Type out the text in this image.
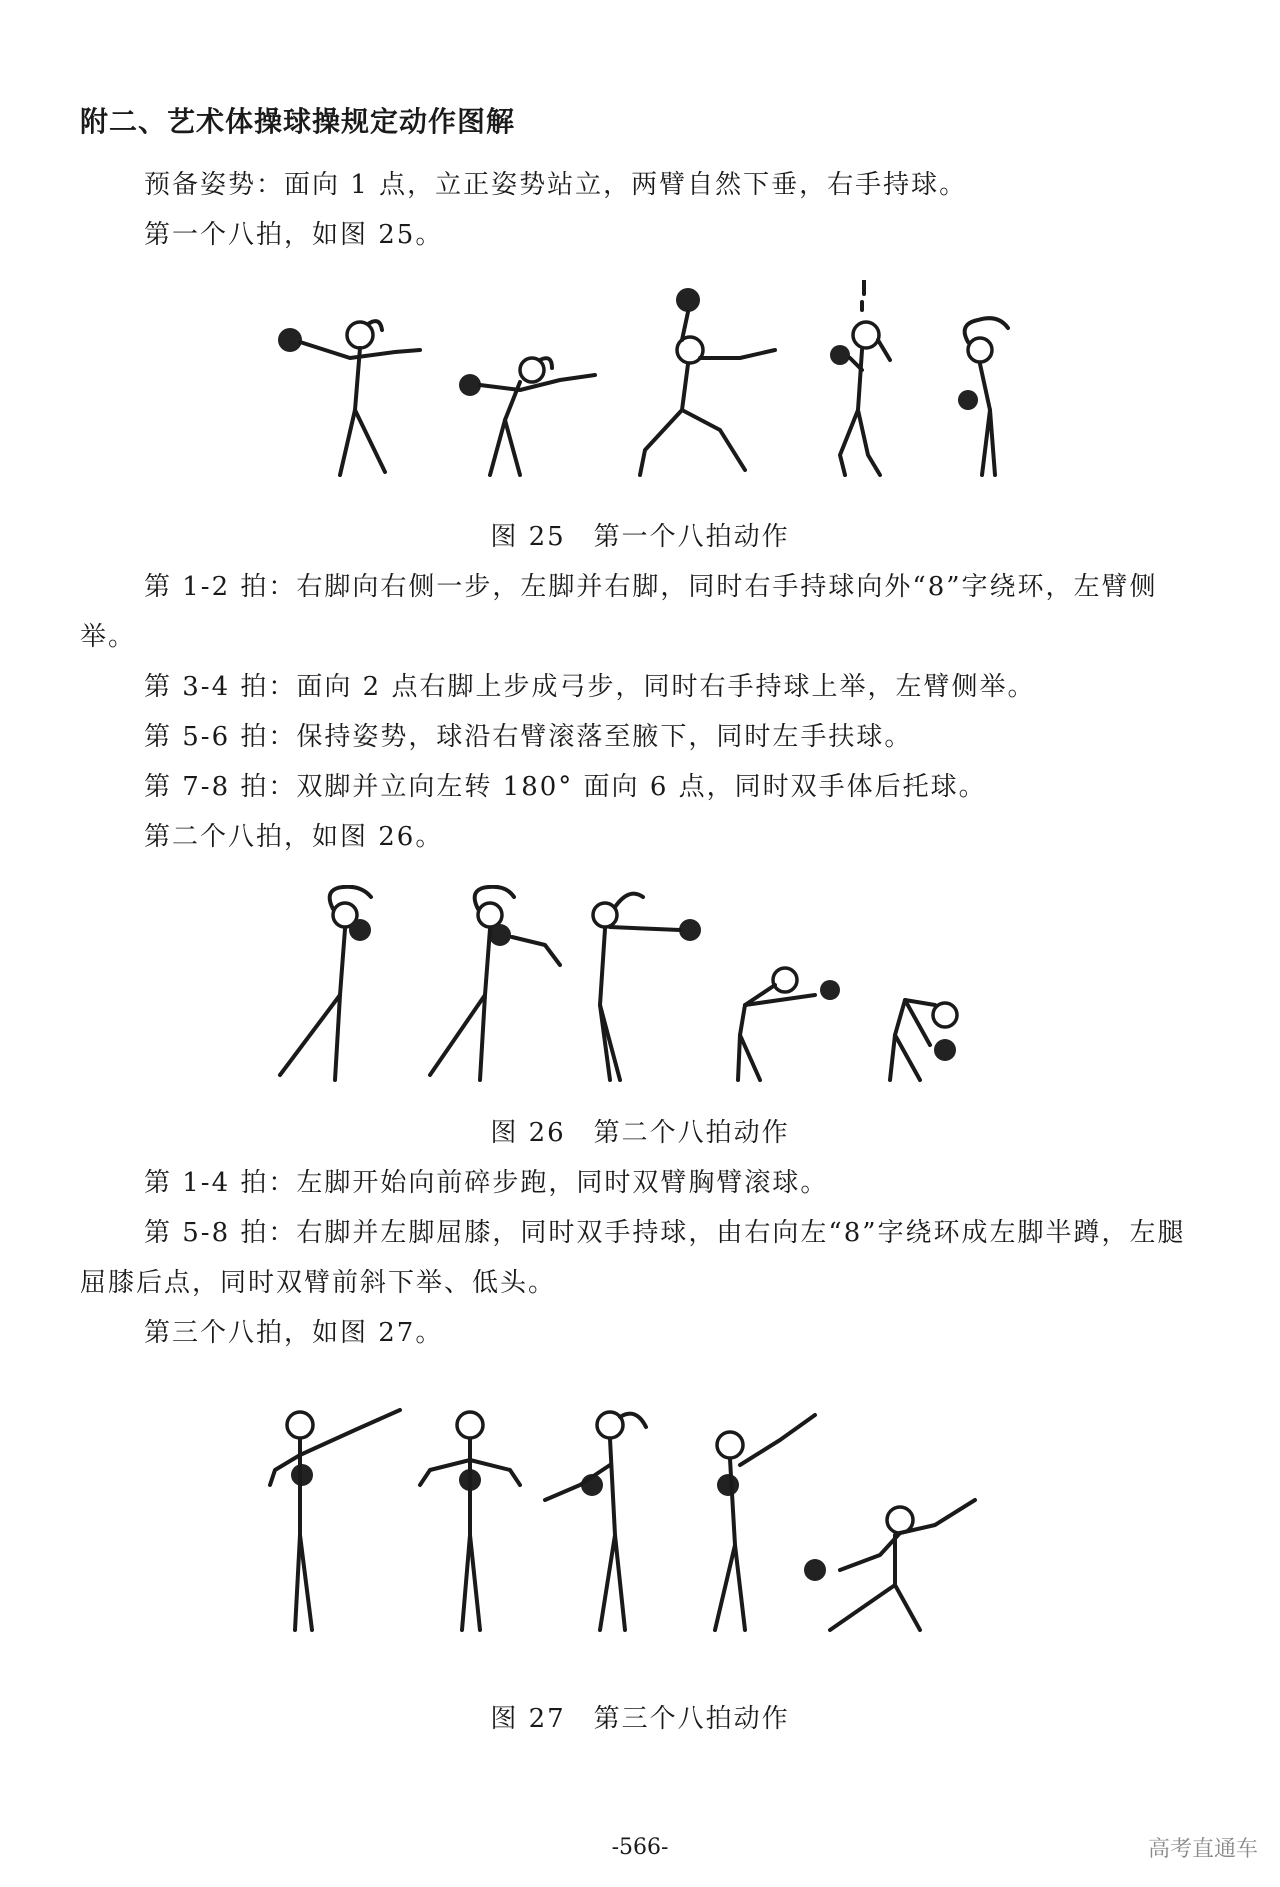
附二、艺术体操球操规定动作图解

预备姿势：面向 1 点，立正姿势站立，两臂自然下垂，右手持球。

第一个八拍，如图 25。

图 25 第一个八拍动作

第 1-2 拍：右脚向右侧一步，左脚并右脚，同时右手持球向外“8”字绕环，左臂侧举。

第 3-4 拍：面向 2 点右脚上步成弓步，同时右手持球上举，左臂侧举。

第 5-6 拍：保持姿势，球沿右臂滚落至腋下，同时左手扶球。

第 7-8 拍：双脚并立向左转 180° 面向 6 点，同时双手体后托球。

第二个八拍，如图 26。

图 26 第二个八拍动作

第 1-4 拍：左脚开始向前碎步跑，同时双臂胸臂滚球。

第 5-8 拍：右脚并左脚屈膝，同时双手持球，由右向左“8”字绕环成左脚半蹲，左腿屈膝后点，同时双臂前斜下举、低头。

第三个八拍，如图 27。

图 27 第三个八拍动作
-566-	高考直通车
